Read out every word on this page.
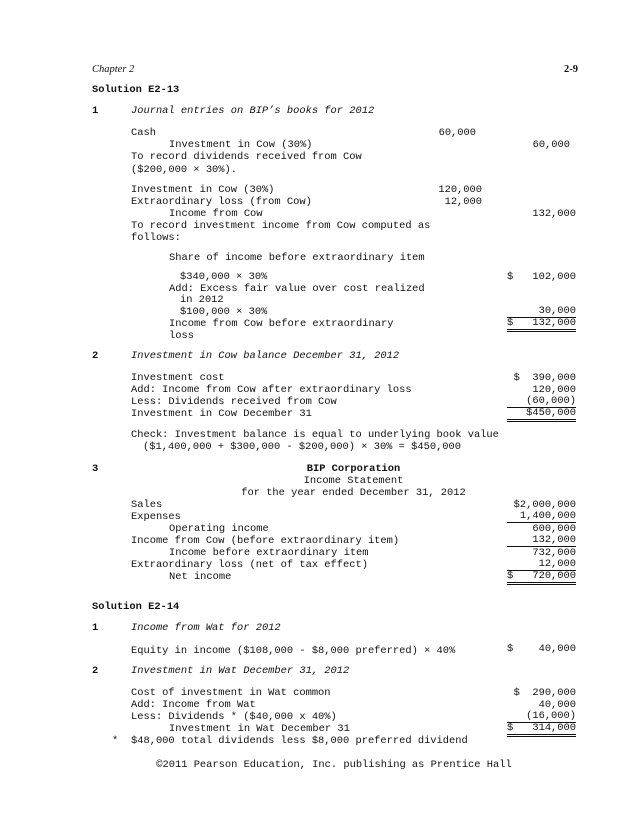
Chapter 2	2-9
Solution E2-13
1	Journal entries on BIP’s books for 2012
Cash	60,000
Investment in Cow (30%)	60,000
To record dividends received from Cow
($200,000 × 30%).
Investment in Cow (30%)	120,000
Extraordinary loss (from Cow)	12,000
Income from Cow	132,000
To record investment income from Cow computed as
follows:
Share of income before extraordinary item
$340,000 × 30%	$	102,000
Add: Excess fair value over cost realized
in 2012
$100,000 × 30%	30,000
Income from Cow before extraordinary	$ 132,000
loss
2	Investment in Cow balance December 31, 2012
Investment cost	$  390,000
Add: Income from Cow after extraordinary loss	120,000
Less: Dividends received from Cow	(60,000)
Investment in Cow December 31	$450,000
Check: Investment balance is equal to underlying book value
($1,400,000 + $300,000 - $200,000) × 30% = $450,000
3	BIP Corporation
Income Statement
for the year ended December 31, 2012
Sales	$2,000,000
Expenses	1,400,000
Operating income	600,000
Income from Cow (before extraordinary item)	132,000
Income before extraordinary item	732,000
Extraordinary loss (net of tax effect)	12,000
Net income	$ 720,000
Solution E2-14
1	Income from Wat for 2012
Equity in income ($108,000 - $8,000 preferred) × 40%	$	40,000
2	Investment in Wat December 31, 2012
Cost of investment in Wat common	$  290,000
Add: Income from Wat	40,000
Less: Dividends * ($40,000 x 40%)	(16,000)
Investment in Wat December 31	$ 314,000
* $48,000 total dividends less $8,000 preferred dividend
©2011 Pearson Education, Inc. publishing as Prentice Hall
